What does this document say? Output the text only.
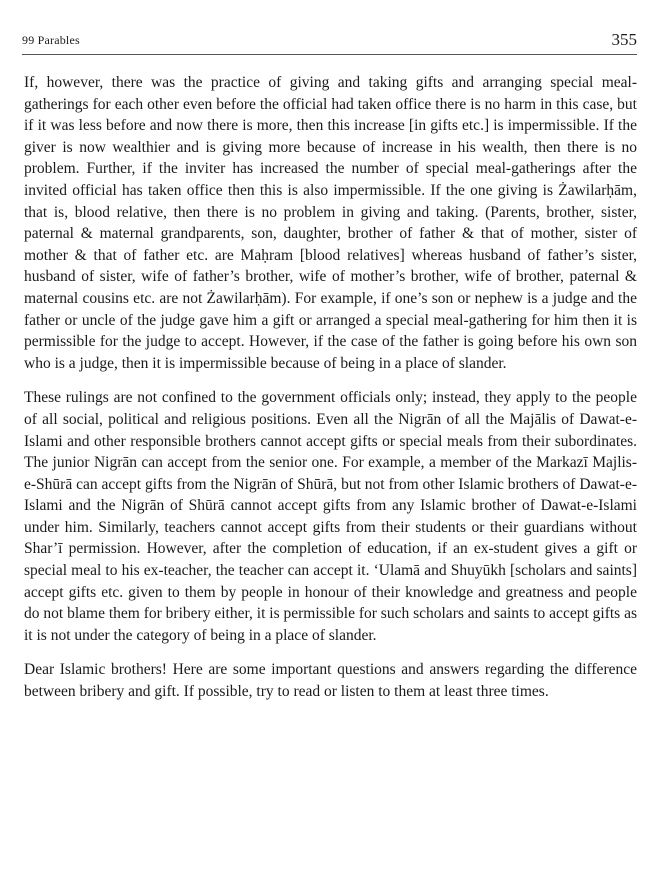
99 Parables	355

If, however, there was the practice of giving and taking gifts and arranging special meal-gatherings for each other even before the official had taken office there is no harm in this case, but if it was less before and now there is more, then this increase [in gifts etc.] is impermissible. If the giver is now wealthier and is giving more because of increase in his wealth, then there is no problem. Further, if the inviter has increased the number of special meal-gatherings after the invited official has taken office then this is also impermissible. If the one giving is Żawilarḥām, that is, blood relative, then there is no problem in giving and taking. (Parents, brother, sister, paternal & maternal grandparents, son, daughter, brother of father & that of mother, sister of mother & that of father etc. are Maḥram [blood relatives] whereas husband of father’s sister, husband of sister, wife of father’s brother, wife of mother’s brother, wife of brother, paternal & maternal cousins etc. are not Żawilarḥām). For example, if one’s son or nephew is a judge and the father or uncle of the judge gave him a gift or arranged a special meal-gathering for him then it is permissible for the judge to accept. However, if the case of the father is going before his own son who is a judge, then it is impermissible because of being in a place of slander.

These rulings are not confined to the government officials only; instead, they apply to the people of all social, political and religious positions. Even all the Nigrān of all the Majālis of Dawat-e-Islami and other responsible brothers cannot accept gifts or special meals from their subordinates. The junior Nigrān can accept from the senior one. For example, a member of the Markazī Majlis-e-Shūrā can accept gifts from the Nigrān of Shūrā, but not from other Islamic brothers of Dawat-e-Islami and the Nigrān of Shūrā cannot accept gifts from any Islamic brother of Dawat-e-Islami under him. Similarly, teachers cannot accept gifts from their students or their guardians without Shar’ī permission. However, after the completion of education, if an ex-student gives a gift or special meal to his ex-teacher, the teacher can accept it. ‘Ulamā and Shuyūkh [scholars and saints] accept gifts etc. given to them by people in honour of their knowledge and greatness and people do not blame them for bribery either, it is permissible for such scholars and saints to accept gifts as it is not under the category of being in a place of slander.

Dear Islamic brothers! Here are some important questions and answers regarding the difference between bribery and gift. If possible, try to read or listen to them at least three times.
